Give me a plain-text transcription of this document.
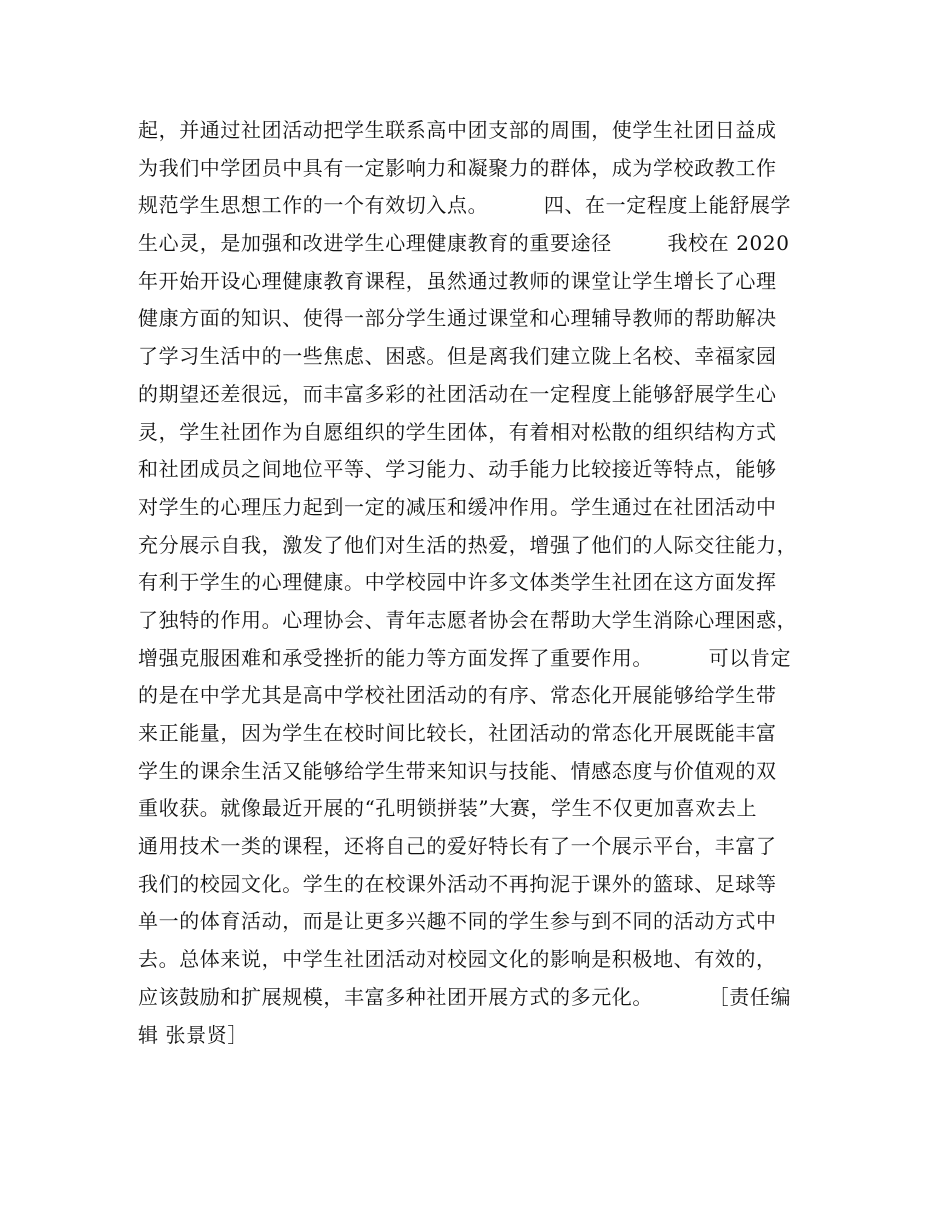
起，并通过社团活动把学生联系高中团支部的周围，使学生社团日益成
为我们中学团员中具有一定影响力和凝聚力的群体，成为学校政教工作
规范学生思想工作的一个有效切入点。        四、在一定程度上能舒展学
生心灵，是加强和改进学生心理健康教育的重要途径        我校在 2020
年开始开设心理健康教育课程，虽然通过教师的课堂让学生增长了心理
健康方面的知识、使得一部分学生通过课堂和心理辅导教师的帮助解决
了学习生活中的一些焦虑、困惑。但是离我们建立陇上名校、幸福家园
的期望还差很远，而丰富多彩的社团活动在一定程度上能够舒展学生心
灵，学生社团作为自愿组织的学生团体，有着相对松散的组织结构方式
和社团成员之间地位平等、学习能力、动手能力比较接近等特点，能够
对学生的心理压力起到一定的减压和缓冲作用。学生通过在社团活动中
充分展示自我，激发了他们对生活的热爱，增强了他们的人际交往能力，
有利于学生的心理健康。中学校园中许多文体类学生社团在这方面发挥
了独特的作用。心理协会、青年志愿者协会在帮助大学生消除心理困惑，
增强克服困难和承受挫折的能力等方面发挥了重要作用。        可以肯定
的是在中学尤其是高中学校社团活动的有序、常态化开展能够给学生带
来正能量，因为学生在校时间比较长，社团活动的常态化开展既能丰富
学生的课余生活又能够给学生带来知识与技能、情感态度与价值观的双
重收获。就像最近开展的“孔明锁拼装”大赛，学生不仅更加喜欢去上
通用技术一类的课程，还将自己的爱好特长有了一个展示平台，丰富了
我们的校园文化。学生的在校课外活动不再拘泥于课外的篮球、足球等
单一的体育活动，而是让更多兴趣不同的学生参与到不同的活动方式中
去。总体来说，中学生社团活动对校园文化的影响是积极地、有效的，
应该鼓励和扩展规模，丰富多种社团开展方式的多元化。        ［责任编
辑 张景贤］
